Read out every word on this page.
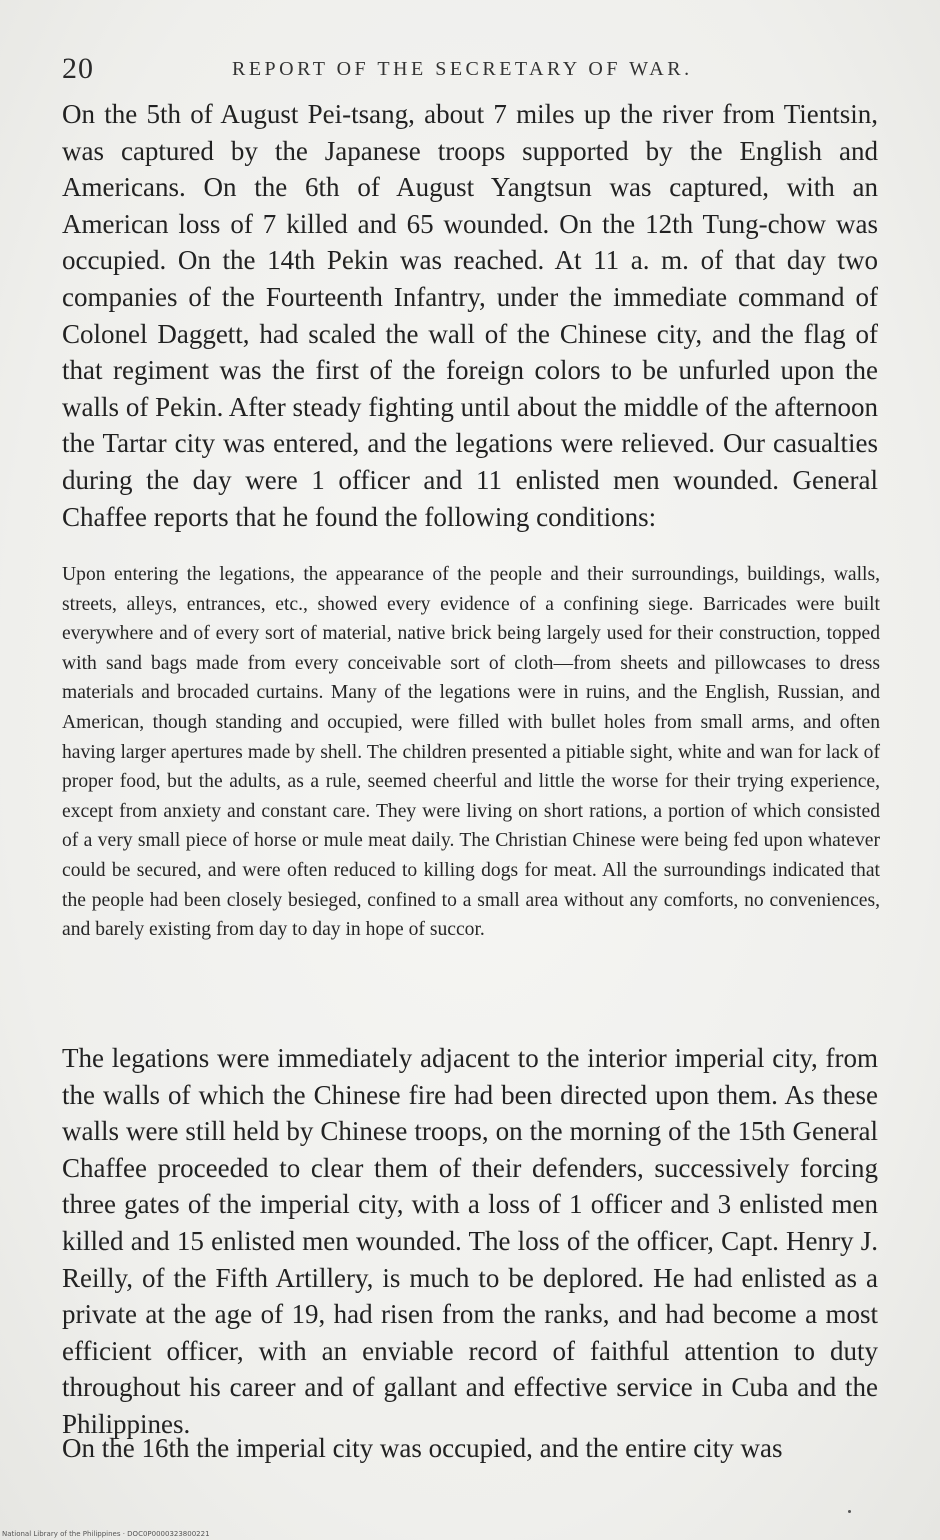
20	REPORT OF THE SECRETARY OF WAR.

On the 5th of August Pei-tsang, about 7 miles up the river from Tientsin, was captured by the Japanese troops supported by the English and Americans. On the 6th of August Yangtsun was captured, with an American loss of 7 killed and 65 wounded. On the 12th Tung-chow was occupied. On the 14th Pekin was reached. At 11 a. m. of that day two companies of the Fourteenth Infantry, under the immediate command of Colonel Daggett, had scaled the wall of the Chinese city, and the flag of that regiment was the first of the foreign colors to be unfurled upon the walls of Pekin. After steady fighting until about the middle of the afternoon the Tartar city was entered, and the legations were relieved. Our casualties during the day were 1 officer and 11 enlisted men wounded. General Chaffee reports that he found the following conditions:

Upon entering the legations, the appearance of the people and their surroundings, buildings, walls, streets, alleys, entrances, etc., showed every evidence of a confining siege. Barricades were built everywhere and of every sort of material, native brick being largely used for their construction, topped with sand bags made from every conceivable sort of cloth—from sheets and pillowcases to dress materials and brocaded curtains. Many of the legations were in ruins, and the English, Russian, and American, though standing and occupied, were filled with bullet holes from small arms, and often having larger apertures made by shell. The children presented a pitiable sight, white and wan for lack of proper food, but the adults, as a rule, seemed cheerful and little the worse for their trying experience, except from anxiety and constant care. They were living on short rations, a portion of which consisted of a very small piece of horse or mule meat daily. The Christian Chinese were being fed upon whatever could be secured, and were often reduced to killing dogs for meat. All the surroundings indicated that the people had been closely besieged, confined to a small area without any comforts, no conveniences, and barely existing from day to day in hope of succor.

The legations were immediately adjacent to the interior imperial city, from the walls of which the Chinese fire had been directed upon them. As these walls were still held by Chinese troops, on the morning of the 15th General Chaffee proceeded to clear them of their defenders, successively forcing three gates of the imperial city, with a loss of 1 officer and 3 enlisted men killed and 15 enlisted men wounded. The loss of the officer, Capt. Henry J. Reilly, of the Fifth Artillery, is much to be deplored. He had enlisted as a private at the age of 19, had risen from the ranks, and had become a most efficient officer, with an enviable record of faithful attention to duty throughout his career and of gallant and effective service in Cuba and the Philippines.

On the 16th the imperial city was occupied, and the entire city was

National Library of the Philippines · DOC0P0000323800221
